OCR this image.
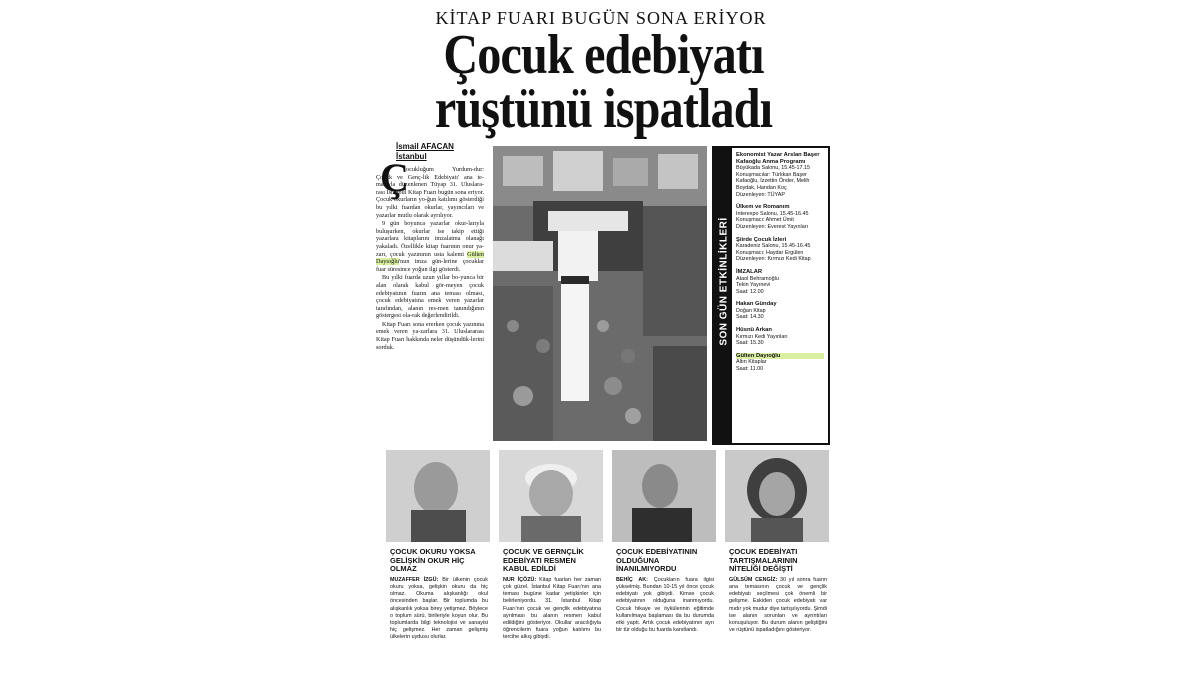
KİTAP FUARI BUGÜN SONA ERİYOR
Çocuk edebiyatı
rüştünü ispatladı
İsmail AFACAN
İstanbul
Ç

ocukluğum Yurdum-dur: Çocuk ve Genç-lik Edebiyatı' ana te-masıyla düzenlenen Tüyap 31. Uluslara-rası İstanbul Kitap Fuarı bugün sona eriyor. Çocuk okurların yo-ğun katılımı gösterdiği bu yılki fuardan okurlar, yayıncıları ve yazarlar mutlu olarak ayrılıyor.

9 gün boyunca yazarlar okur-larıyla buluşurken, okurlar ise takip ettiği yazarlara kitaplarını imzalatma olanağı yakaladı. Özellikle kitap fuarının onur ya-zarı, çocuk yazınının usta kalemi Gülten Dayıoğlu'nun imza gün-lerine çocuklar fuar süresince yoğun ilgi gösterdi.

Bu yılki fuarda uzun yıllar bo-yunca bir alan olarak kabul gör-meyen çocuk edebiyatının fuarın ana teması olması, çocuk edebiyatına emek veren yazarlar tarafından, alanın res-men tanındığının göstergesi ola-rak değerlendirildi.

Kitap Fuarı sona ererken çocuk yazınına emek veren ya-zarlara 31. Uluslararası Kitap Fuarı hakkında neler düşündük-lerini sorduk.

SON GÜN ETKİNLİKLERİ
Ekonomist Yazar Arslan Başer Kafaoğlu Anma Programı
Büyükada Salonu, 15.45-17.15
Konuşmacılar: Türkkan Başer Kafaoğlu, İzzettin Önder, Melih Boydak, Handan Koç
Düzenleyen: TÜYAP
Ülkem ve Romanım
Interexpo Salonu, 15.45-16.45
Konuşmacı: Ahmet Ümit
Düzenleyen: Everest Yayınları
Şiirde Çocuk İzleri
Karadeniz Salonu, 15.45-16.45
Konuşmacı: Haydar Ergülen
Düzenleyen: Kırmızı Kedi Kitap
İMZALAR
Ataol Behramoğlu
Tekin Yayınevi
Saat: 12.00
Hakan Günday
Doğan Kitap
Saat: 14.30
Hüsnü Arkan
Kırmızı Kedi Yayınları
Saat: 15.30
Gülten Dayıoğlu
Altın Kitaplar
Saat: 11.00
ÇOCUK OKURU YOKSA GELİŞKİN OKUR HİÇ OLMAZ

MUZAFFER İZGÜ: Bir ülkenin çocuk okuru yoksa, gelişkin okuru da hiç olmaz. Okuma alışkanlığı okul öncesinden başlar. Bir toplumda bu alışkanlık yoksa birey yetişmez. Böylece o toplum sürü, birileriyle koyun olur. Bu toplumlarda bilgi teknolojisi ve sanayisi hiç gelişmez. Her zaman gelişmiş ülkelerin uydusu olurlar.

ÇOCUK VE GERNÇLİK EDEBİYATI RESMEN KABUL EDİLDİ

NUR İÇÖZÜ: Kitap fuarları her zaman çok güzel. İstanbul Kitap Fuarı'nın ana teması bugüne kadar yetişkinler için belirleniyordu. 31. İstanbul Kitap Fuarı'nın çocuk ve gençlik edebiyatına ayrılması bu alanın resmen kabul edildiğini gösteriyor. Okullar aracılığıyla öğrencilerin fuara yoğun katılımı bu tercihe alkış gibiydi.

ÇOCUK EDEBİYATININ OLDUĞUNA İNANILMIYORDU

BEHİÇ AK: Çocukların fuara ilgisi yükselmiş. Bundan 10-15 yıl önce çocuk edebiyatı yok gibiydi. Kimse çocuk edebiyatının olduğuna inanmıyordu. Çocuk hikaye ve öykülerinin eğitimde kullanılmaya başlaması da bu durumda etki yaptı. Artık çocuk edebiyatının ayrı bir tür olduğu bu fuarda kanıtlandı.

ÇOCUK EDEBİYATI TARTIŞMALARININ NİTELİĞİ DEĞİŞTİ

GÜLSÜM CENGİZ: 30 yıl sonra fuarın ana temasının çocuk ve gençlik edebiyatı seçilmesi çok önemli bir gelişme. Eskiden çocuk edebiyatı var mıdır yok mudur diye tartışılıyordu. Şimdi ise alanın sorunları ve ayrıntıları konuşuluyor. Bu durum alanın geliştiğini ve rüştünü ispatladığını gösteriyor.
